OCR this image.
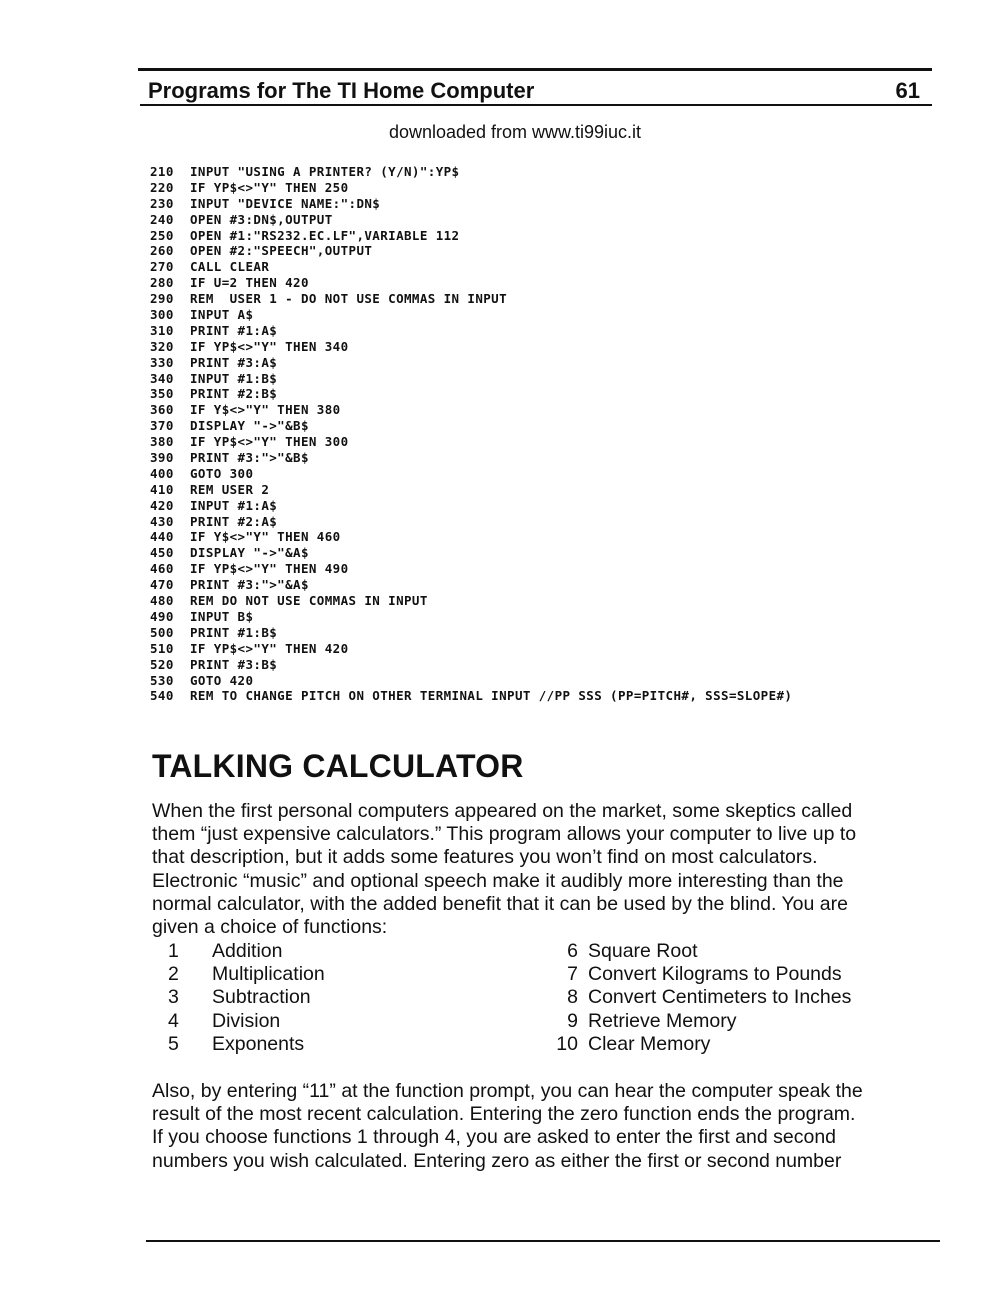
Programs for The TI Home Computer	61
downloaded from www.ti99iuc.it
210 INPUT "USING A PRINTER? (Y/N)":YP$
220 IF YP$<>"Y" THEN 250
230 INPUT "DEVICE NAME:":DN$
240 OPEN #3:DN$,OUTPUT
250 OPEN #1:"RS232.EC.LF",VARIABLE 112
260 OPEN #2:"SPEECH",OUTPUT
270 CALL CLEAR
280 IF U=2 THEN 420
290 REM  USER 1 - DO NOT USE COMMAS IN INPUT
300 INPUT A$
310 PRINT #1:A$
320 IF YP$<>"Y" THEN 340
330 PRINT #3:A$
340 INPUT #1:B$
350 PRINT #2:B$
360 IF Y$<>"Y" THEN 380
370 DISPLAY "->"&B$
380 IF YP$<>"Y" THEN 300
390 PRINT #3:">"&B$
400 GOTO 300
410 REM USER 2
420 INPUT #1:A$
430 PRINT #2:A$
440 IF Y$<>"Y" THEN 460
450 DISPLAY "->"&A$
460 IF YP$<>"Y" THEN 490
470 PRINT #3:">"&A$
480 REM DO NOT USE COMMAS IN INPUT
490 INPUT B$
500 PRINT #1:B$
510 IF YP$<>"Y" THEN 420
520 PRINT #3:B$
530 GOTO 420
540 REM TO CHANGE PITCH ON OTHER TERMINAL INPUT //PP SSS (PP=PITCH#, SSS=SLOPE#)
TALKING CALCULATOR
When the first personal computers appeared on the market, some skeptics called
them “just expensive calculators.” This program allows your computer to live up to
that description, but it adds some features you won’t find on most calculators.
Electronic “music” and optional speech make it audibly more interesting than the
normal calculator, with the added benefit that it can be used by the blind. You are
given a choice of functions:
1 Addition
2 Multiplication
3 Subtraction
4 Division
5 Exponents
6 Square Root
7 Convert Kilograms to Pounds
8 Convert Centimeters to Inches
9 Retrieve Memory
10 Clear Memory
Also, by entering “11” at the function prompt, you can hear the computer speak the
result of the most recent calculation. Entering the zero function ends the program.
If you choose functions 1 through 4, you are asked to enter the first and second
numbers you wish calculated. Entering zero as either the first or second number
